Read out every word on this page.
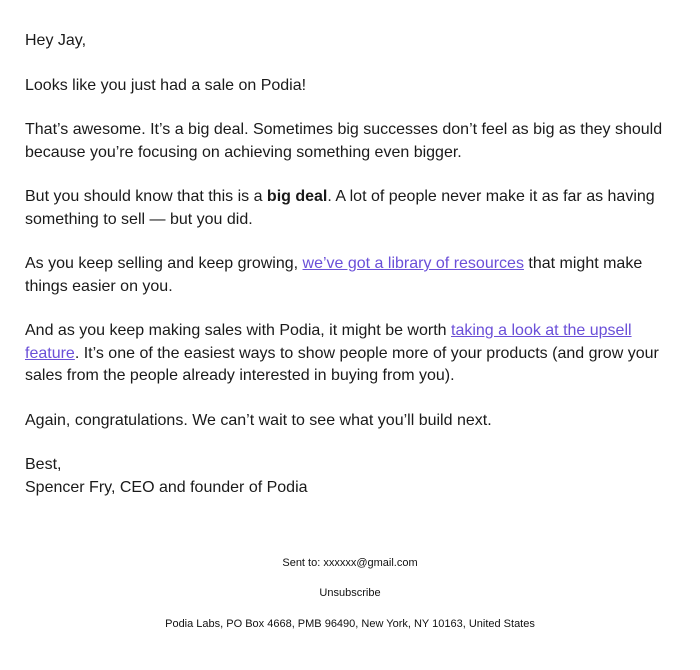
Hey Jay,

Looks like you just had a sale on Podia!

That’s awesome. It’s a big deal. Sometimes big successes don’t feel as big as they should because you’re focusing on achieving something even bigger.

But you should know that this is a big deal. A lot of people never make it as far as having something to sell — but you did.

As you keep selling and keep growing, we’ve got a library of resources that might make things easier on you.

And as you keep making sales with Podia, it might be worth taking a look at the upsell feature. It’s one of the easiest ways to show people more of your products (and grow your sales from the people already interested in buying from you).

Again, congratulations. We can’t wait to see what you’ll build next.

Best,
Spencer Fry, CEO and founder of Podia

Sent to: xxxxxx@gmail.com
Unsubscribe
Podia Labs, PO Box 4668, PMB 96490, New York, NY 10163, United States
